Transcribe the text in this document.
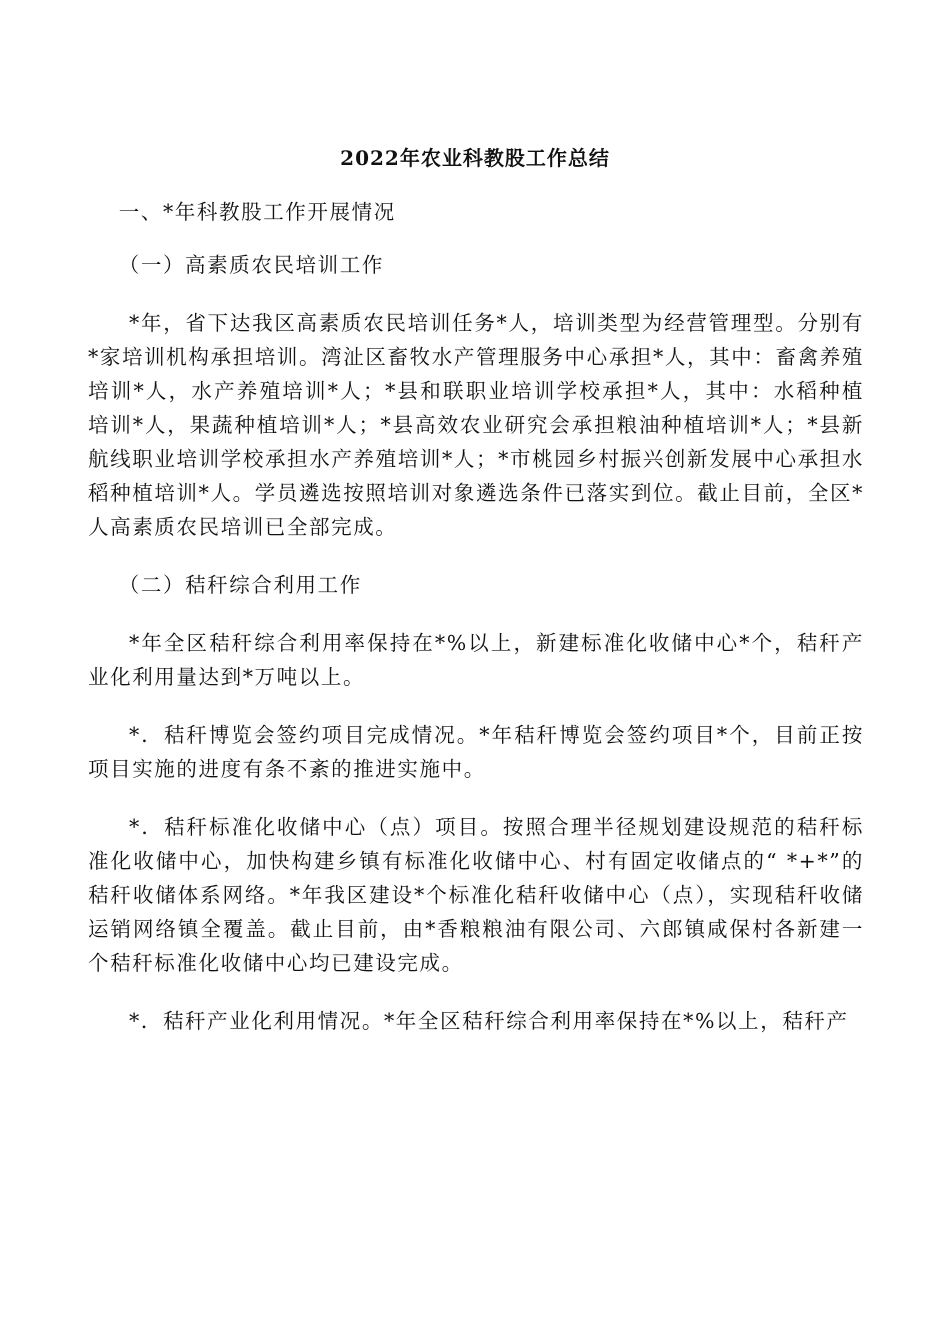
2022年农业科教股工作总结

一、*年科教股工作开展情况

（一）高素质农民培训工作

*年，省下达我区高素质农民培训任务*人，培训类型为经营管理型。分别有*家培训机构承担培训。湾沚区畜牧水产管理服务中心承担*人，其中：畜禽养殖培训*人，水产养殖培训*人；*县和联职业培训学校承担*人，其中：水稻种植培训*人，果蔬种植培训*人；*县高效农业研究会承担粮油种植培训*人；*县新航线职业培训学校承担水产养殖培训*人；*市桃园乡村振兴创新发展中心承担水稻种植培训*人。学员遴选按照培训对象遴选条件已落实到位。截止目前，全区*人高素质农民培训已全部完成。

（二）秸秆综合利用工作

*年全区秸秆综合利用率保持在*%以上，新建标准化收储中心*个，秸秆产业化利用量达到*万吨以上。

*．秸秆博览会签约项目完成情况。*年秸秆博览会签约项目*个，目前正按项目实施的进度有条不紊的推进实施中。

*．秸秆标准化收储中心（点）项目。按照合理半径规划建设规范的秸秆标准化收储中心，加快构建乡镇有标准化收储中心、村有固定收储点的“ *+*”的秸秆收储体系网络。*年我区建设*个标准化秸秆收储中心（点），实现秸秆收储运销网络镇全覆盖。截止目前，由*香粮粮油有限公司、六郎镇咸保村各新建一个秸秆标准化收储中心均已建设完成。

*．秸秆产业化利用情况。*年全区秸秆综合利用率保持在*%以上，秸秆产
